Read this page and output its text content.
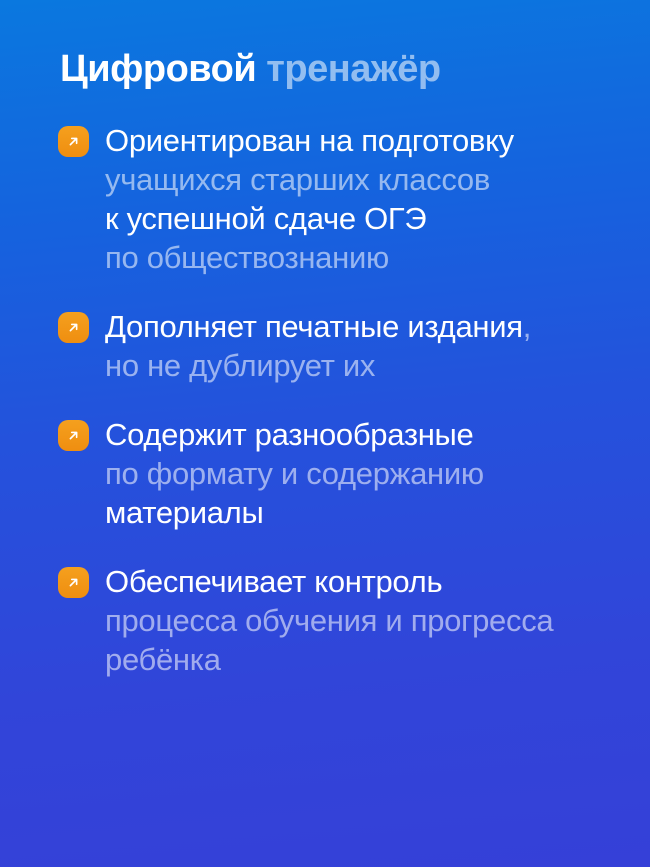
Цифровой тренажёр
Ориентирован на подготовку
учащихся старших классов
к успешной сдаче ОГЭ
по обществознанию
Дополняет печатные издания,
но не дублирует их
Содержит разнообразные
по формату и содержанию
материалы
Обеспечивает контроль
процесса обучения и прогресса
ребёнка
